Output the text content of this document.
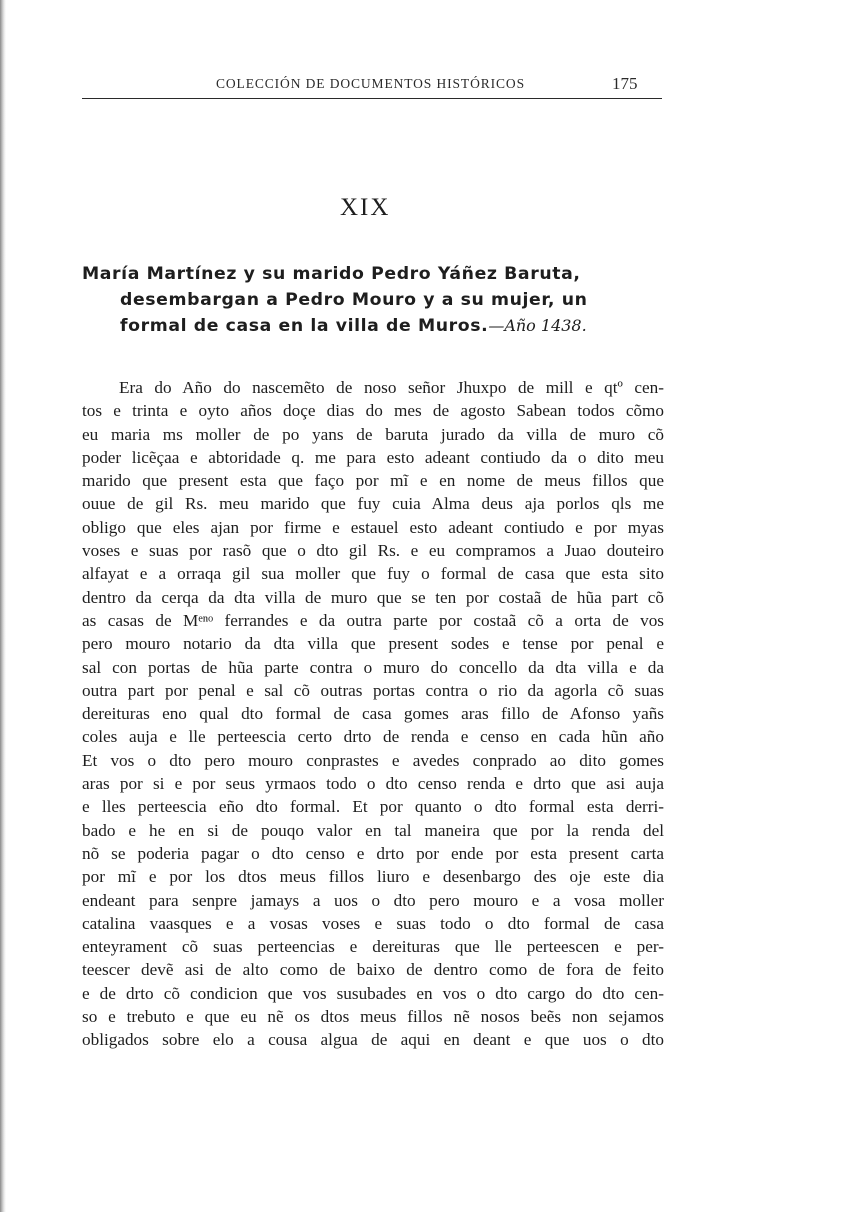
COLECCIÓN DE DOCUMENTOS HISTÓRICOS	175
XIX
María Martínez y su marido Pedro Yáñez Baruta,
desembargan a Pedro Mouro y a su mujer, un
formal de casa en la villa de Muros.—Año 1438.
Era do Año do nascemẽto de noso señor Jhuxpo de mill e qtº cen-
tos e trinta e oyto años doçe dias do mes de agosto Sabean todos cõmo
eu maria ms moller de po yans de baruta jurado da villa de muro cõ
poder licẽçaa e abtoridade q. me para esto adeant contiudo da o dito meu
marido que present esta que faço por mĩ e en nome de meus fillos que
ouue de gil Rs. meu marido que fuy cuia Alma deus aja porlos qls me
obligo que eles ajan por firme e estauel esto adeant contiudo e por myas
voses e suas por rasõ que o dto gil Rs. e eu compramos a Juao douteiro
alfayat e a orraqa gil sua moller que fuy o formal de casa que esta sito
dentro da cerqa da dta villa de muro que se ten por costaã de hũa part cõ
as casas de Mᵉⁿᵒ ferrandes e da outra parte por costaã cõ a orta de vos
pero mouro notario da dta villa que present sodes e tense por penal e
sal con portas de hũa parte contra o muro do concello da dta villa e da
outra part por penal e sal cõ outras portas contra o rio da agorla cõ suas
dereituras eno qual dto formal de casa gomes aras fillo de Afonso yañs
coles auja e lle perteescia certo drto de renda e censo en cada hũn año
Et vos o dto pero mouro conprastes e avedes conprado ao dito gomes
aras por si e por seus yrmaos todo o dto censo renda e drto que asi auja
e lles perteescia eño dto formal. Et por quanto o dto formal esta derri-
bado e he en si de pouqo valor en tal maneira que por la renda del
nõ se poderia pagar o dto censo e drto por ende por esta present carta
por mĩ e por los dtos meus fillos liuro e desenbargo des oje este dia
endeant para senpre jamays a uos o dto pero mouro e a vosa moller
catalina vaasques e a vosas voses e suas todo o dto formal de casa
enteyrament cõ suas perteencias e dereituras que lle perteescen e per-
teescer devẽ asi de alto como de baixo de dentro como de fora de feito
e de drto cõ condicion que vos susubades en vos o dto cargo do dto cen-
so e trebuto e que eu nẽ os dtos meus fillos nẽ nosos beẽs non sejamos
obligados sobre elo a cousa algua de aqui en deant e que uos o dto
